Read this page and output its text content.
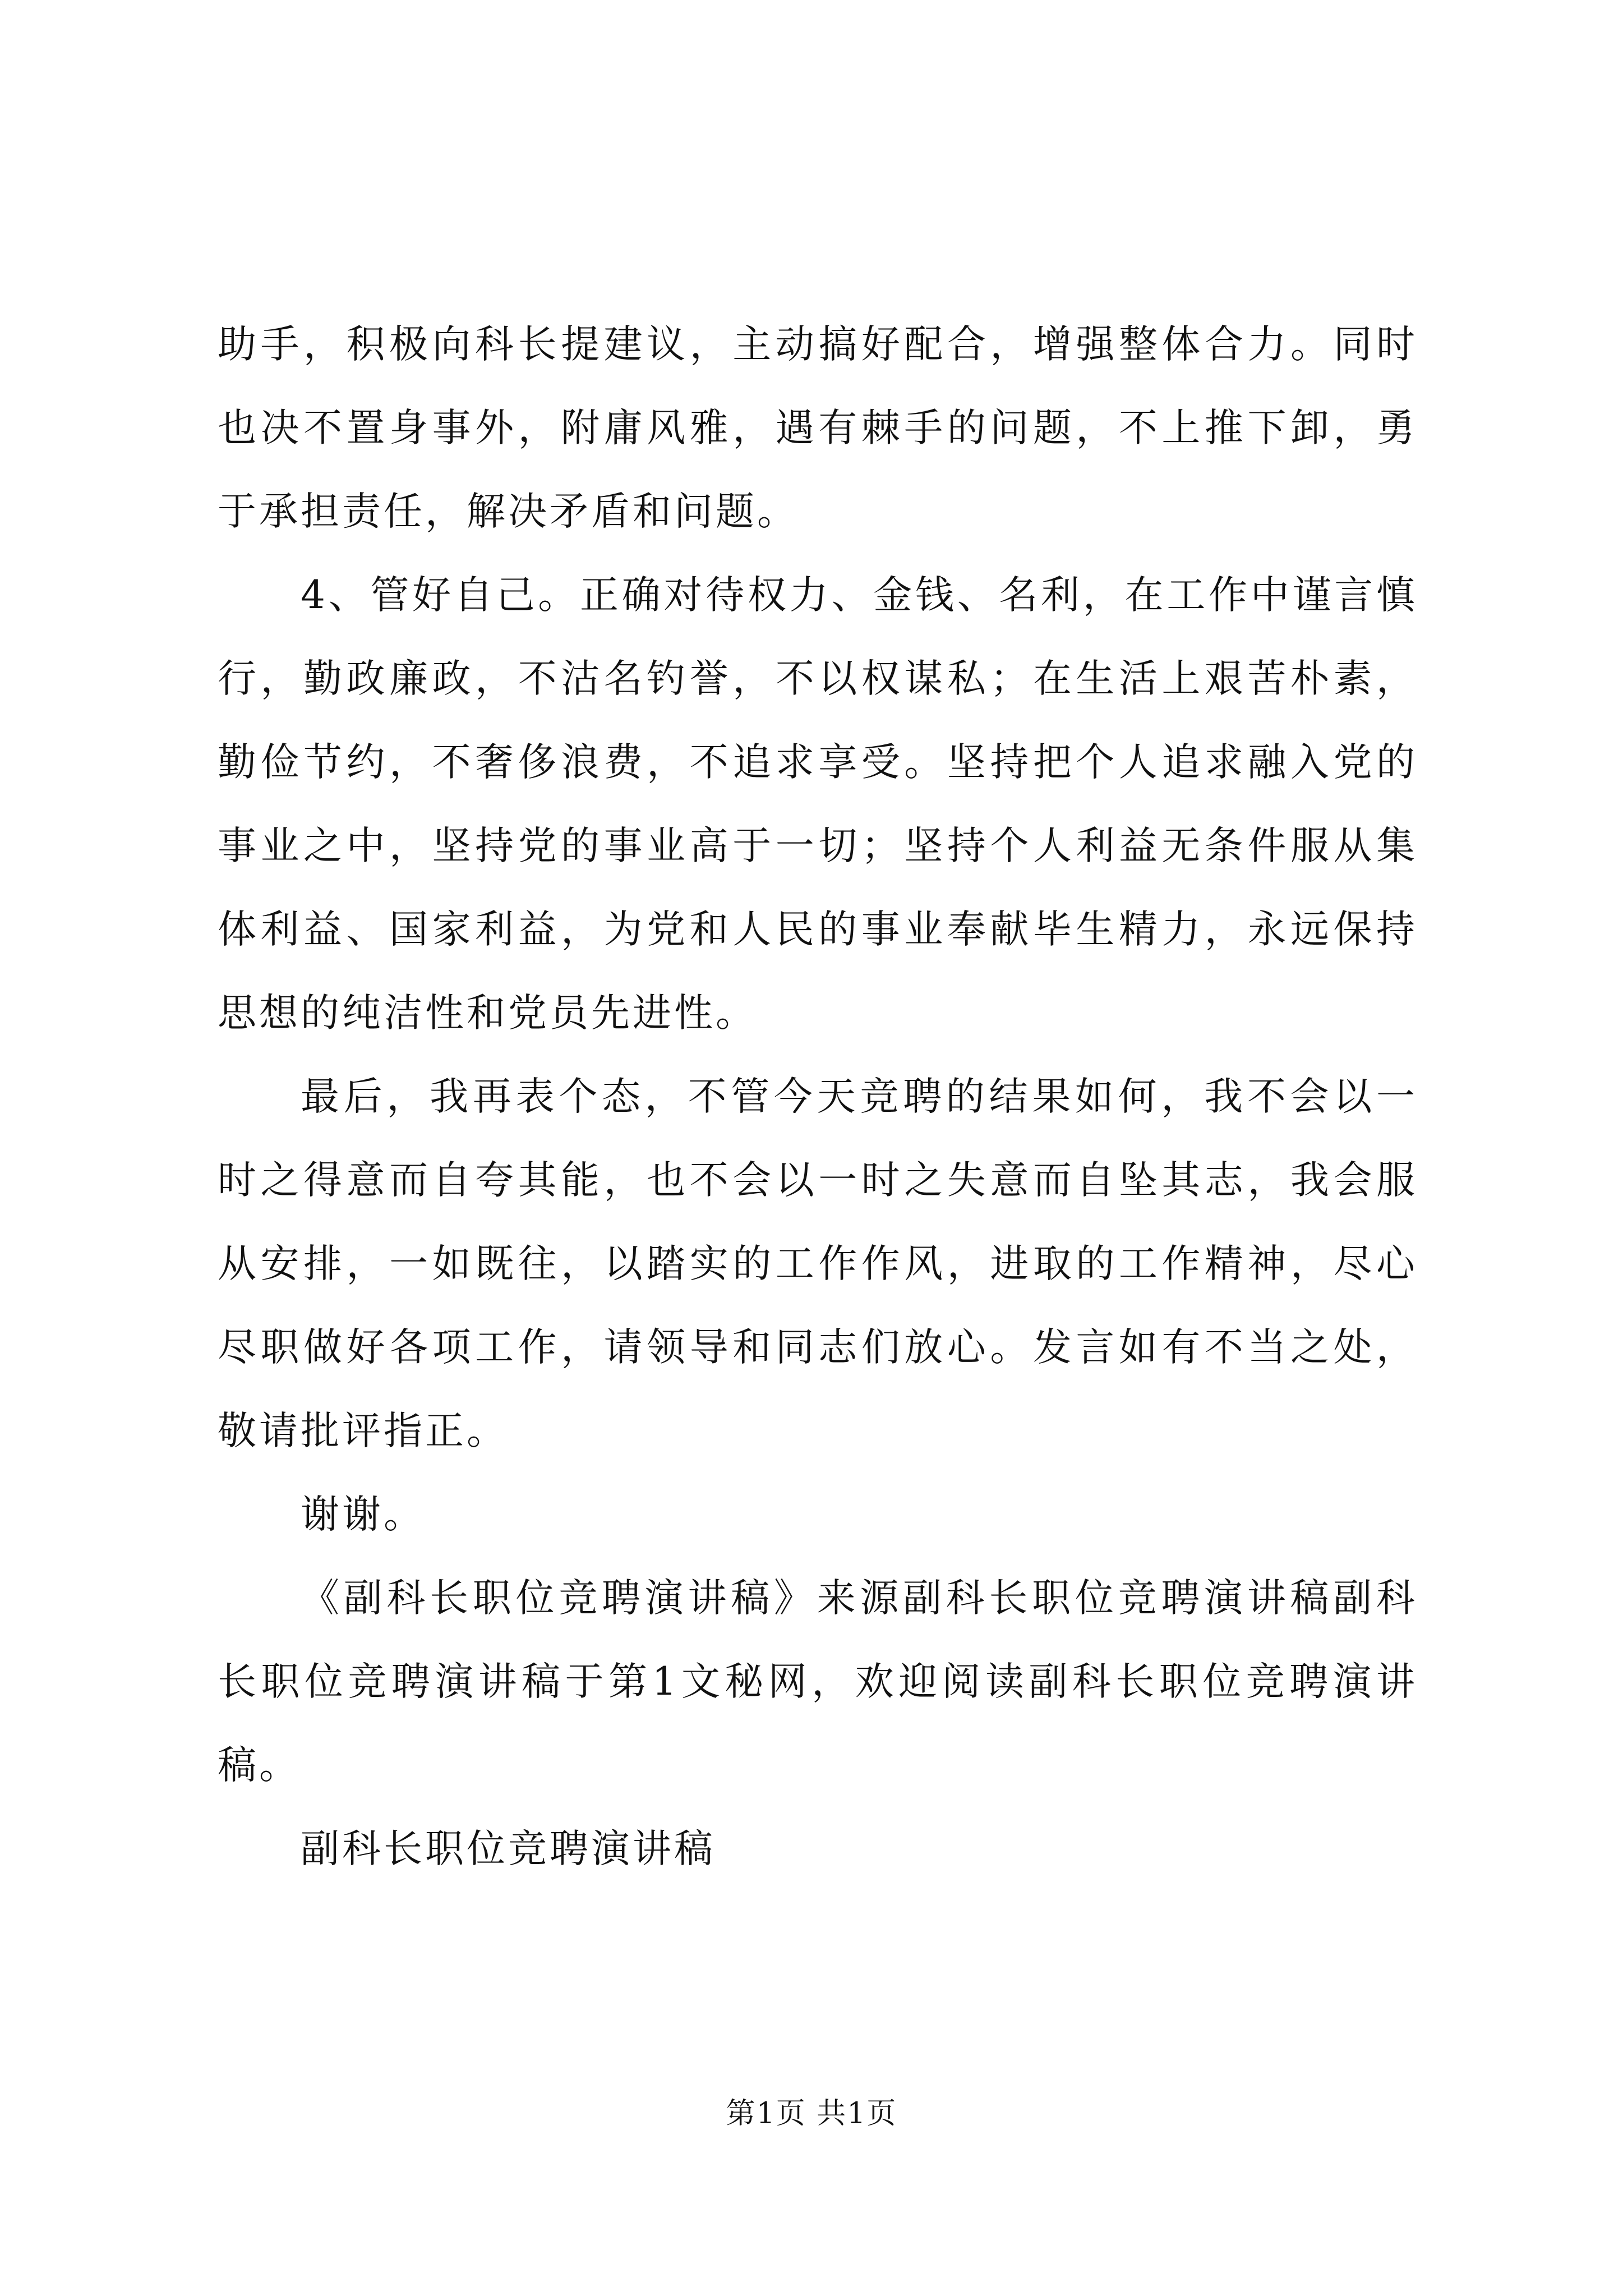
助手，积极向科长提建议，主动搞好配合，增强整体合力。同时也决不置身事外，附庸风雅，遇有棘手的问题，不上推下卸，勇于承担责任，解决矛盾和问题。

4、管好自己。正确对待权力、金钱、名利，在工作中谨言慎行，勤政廉政，不沽名钓誉，不以权谋私；在生活上艰苦朴素，勤俭节约，不奢侈浪费，不追求享受。坚持把个人追求融入党的事业之中，坚持党的事业高于一切；坚持个人利益无条件服从集体利益、国家利益，为党和人民的事业奉献毕生精力，永远保持思想的纯洁性和党员先进性。

最后，我再表个态，不管今天竞聘的结果如何，我不会以一时之得意而自夸其能，也不会以一时之失意而自坠其志，我会服从安排，一如既往，以踏实的工作作风，进取的工作精神，尽心尽职做好各项工作，请领导和同志们放心。发言如有不当之处，敬请批评指正。

谢谢。

《副科长职位竞聘演讲稿》来源副科长职位竞聘演讲稿副科长职位竞聘演讲稿于第1文秘网，欢迎阅读副科长职位竞聘演讲稿。

副科长职位竞聘演讲稿

第1页 共1页
